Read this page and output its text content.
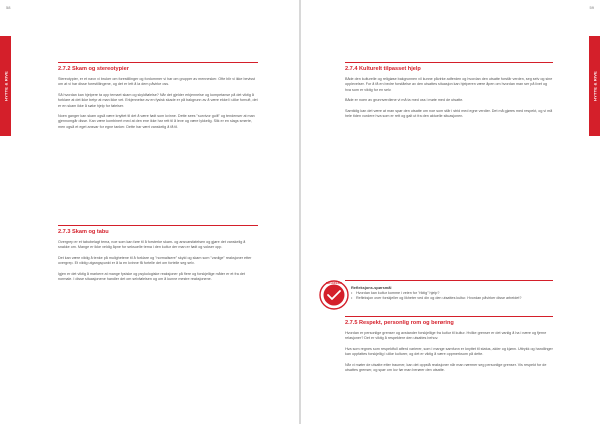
58
HYTTE & RIVE
2.7.2 Skam og stereotypier

Stereotypier, er et navn vi bruker om forestillinger og fordommer vi har om grupper av mennesker. Ofte blir vi ikke bevisst om at vi har disse forestillingene, og det er lett å la dem påvirke oss.

Så hvordan kan hjelpere ta opp temaet skam og skyldfølelse? Når det gjelder erkjennelse og kompetanse på det viktig å forklare at det ikke betyr at man ikke vet. Erkjennelse av en fysisk skade er på bakgrunn av å være ekkel i ulike fornuft, det er en skam ikke å søke hjelp for følelser.

Noen ganger kan skam også være knyttet til det å være født som kvinne. Dette sees "survivor guilt" og tendenser at man gjennomgår disse. Kan være kombinert med at den ene ikke har rett til å leve og være lykkelig. Slik er en slags smerte, men også et eget ansvar for egne tanker. Dette har vært vanskelig å få til.

2.7.3 Skam og tabu

Overgrep er et tabubelagt tema, noe som kan føre til å forsterke skam- og ansvarsfølelsen og gjøre det vanskelig å snakke om. Mange er ikke veldig åpne for seksuelle tema i den kultur der man er født og vokser opp.

Det kan være viktig å tenke på mulighetene til å forklare og "normalisere" skyld og skam som "vanlige" reaksjoner etter overgrep. Et viktig utgangspunkt er å la en kvinne få fortelle det om fortelle seg selv.

Igjen er det viktig å markere at mange fysiske og psykologiske reaksjoner på flere og forskjellige måter er et fra det normale. I disse situasjonene handler det om selvfølelsen og om å kunne mestre reaksjonene.

59
HYTTE & RIVE
2.7.4 Kulturelt tilpasset hjelp

Både den kulturelle og religiøse bakgrunnen vil kunne påvirke adferden og hvordan den utsatte forstår verden, seg selv og sine opplevelser. For å få en bedre forståelse av den utsattes situasjon kan hjelperen være åpen om hvordan man ser på livet og hva som er viktig for en selv.

Både er noen av grunnverdiene vi må ta med oss i møte med de utsatte.

Samtidig kan det være at man spør den utsatte om noe som står i strid med egne verdier. Det må gjøres med respekt, og vi må hele tiden vurdere hva som er rett og galt ut fra den aktuelle situasjonen.

REFLEKSJON
Refleksjons-spørsmål
• Hvordan kan kultur komme i veien for "riktig" hjelp?
• Refleksjon over forskjeller og likheter ved din og den utsattes kultur. Hvordan påvirker disse arbeidet?
2.7.5 Respekt, personlig rom og berøring

Hvordan er personlige grenser og avstander forskjellige fra kultur til kultur. Hvilke grenser er det vanlig å ha i nære og fjerne relasjoner? Det er viktig å respektere den utsattes behov.

Hva som regnes som respektfull atferd varierer, som i mange samfunn er knyttet til status, alder og kjønn. Uttrykk og handlinger kan oppfattes forskjellig i ulike kulturer, og det er viktig å være oppmerksom på dette.

Når vi møter de utsatte etter traumer, kan det oppstå reaksjoner når man nærmer seg personlige grenser. Vis respekt for de utsattes grenser, og spør om lov før man berører den utsatte.
